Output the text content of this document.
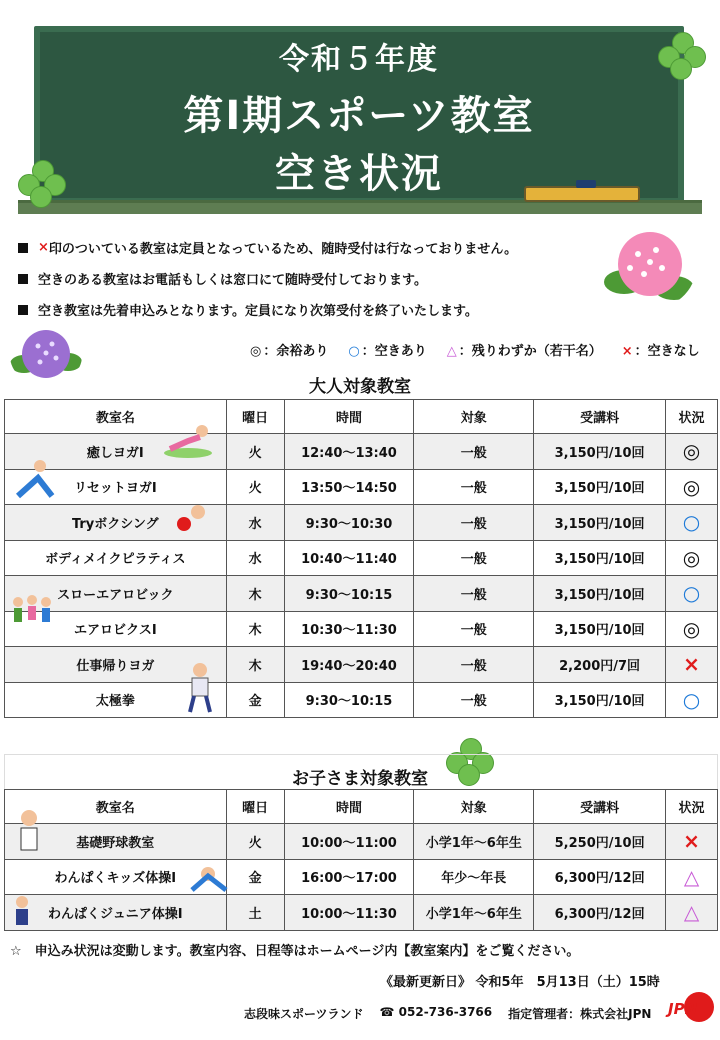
令和５年度
第Ⅰ期スポーツ教室
空き状況
× 印のついている教室は定員となっているため、随時受付は行なっておりません。
空きのある教室はお電話もしくは窓口にて随時受付しております。
空き教室は先着申込みとなります。定員になり次第受付を終了いたします。
◎ ：余裕あり ○ ：空きあり △ ：残りわずか（若干名） × ：空きなし
大人対象教室
教室名	曜日	時間	対象	受講料	状況
癒しヨガⅠ	火	12:40～13:40	一般	3,150円/10回	◎
リセットヨガⅠ	火	13:50～14:50	一般	3,150円/10回	◎
Tryボクシング	水	9:30～10:30	一般	3,150円/10回	○
ボディメイクピラティス	水	10:40～11:40	一般	3,150円/10回	◎
スローエアロビック	木	9:30～10:15	一般	3,150円/10回	○
エアロビクスⅠ	木	10:30～11:30	一般	3,150円/10回	◎
仕事帰りヨガ	木	19:40～20:40	一般	2,200円/7回	×
太極拳	金	9:30～10:15	一般	3,150円/10回	○
お子さま対象教室
教室名	曜日	時間	対象	受講料	状況
基礎野球教室	火	10:00～11:00	小学1年～6年生	5,250円/10回	×
わんぱくキッズ体操Ⅰ	金	16:00～17:00	年少～年長	6,300円/12回	△
わんぱくジュニア体操Ⅰ	土	10:00～11:30	小学1年～6年生	6,300円/12回	△
☆　申込み状況は変動します。教室内容、日程等はホームページ内【教室案内】をご覧ください。
《最新更新日》 令和5年　5月13日（土）15時
志段味スポーツランド ☎ 052-736-3766 指定管理者：株式会社JPN JPN
